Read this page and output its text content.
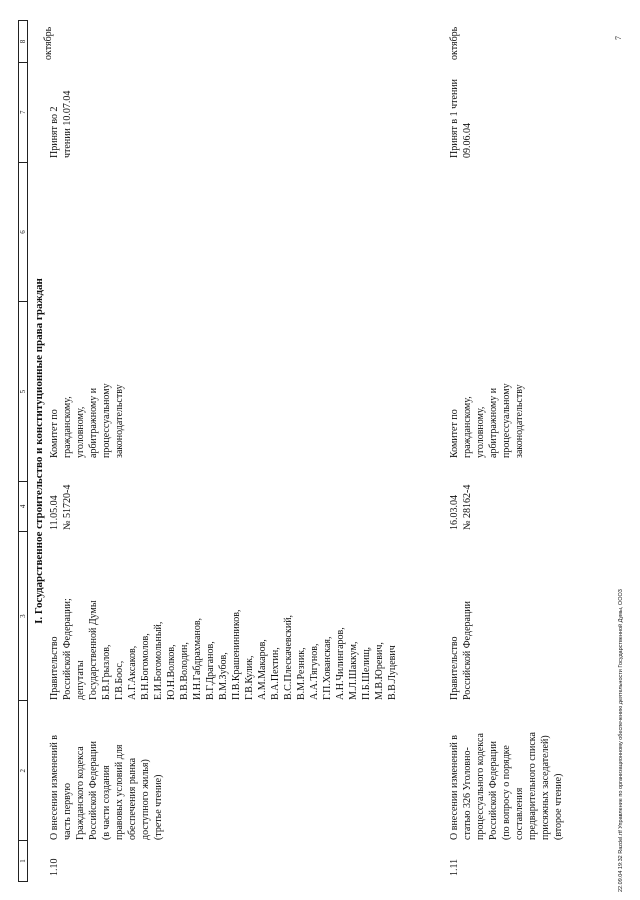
1
2
3
4
5
6
7
8
I. Государственное строительство и конституционные права граждан
1.10
О внесении изменений в часть первую Гражданского кодекса Российской Федерации (в части создания правовых условий для обеспечения рынка доступного жилья) (третье чтение)
Правительство Российской Федерации; депутаты Государственной Думы Б.В.Грызлов, Г.В.Боос, А.Г.Аксаков, В.Н.Богомолов, Е.И.Богомольный, Ю.Н.Волков, В.В.Володин, И.Н.Габдрахманов, В.Г.Драганов, В.М.Зубов, П.В.Крашенинников, Г.В.Кулик, А.М.Макаров, В.А.Пехтин, В.С.Плескачевский, В.М.Резник, А.А.Тягунов, Г.П.Хованская, А.Н.Чилингаров, М.Л.Шаккум, П.Б.Шелищ, М.В.Юревич, В.В.Луцевич
11.05.04 № 51720-4
Комитет по гражданскому, уголовному, арбитражному и процессуальному законодательству
Принят во 2 чтении 10.07.04
октябрь
1.11
О внесении изменений в статью 326 Уголовно- процессуального кодекса Российской Федерации (по вопросу о порядке составления предварительного списка присяжных заседателей) (второе чтение)
Правительство Российской Федерации
16.03.04 № 28162-4
Комитет по гражданскому, уголовному, арбитражному и процессуальному законодательству
Принят в 1 чтении 09.06.04
октябрь
22.09.04 19:32 Razdel.rtf Управление по организационному обеспечению деятельности Государственной Думы, ООО3
7
